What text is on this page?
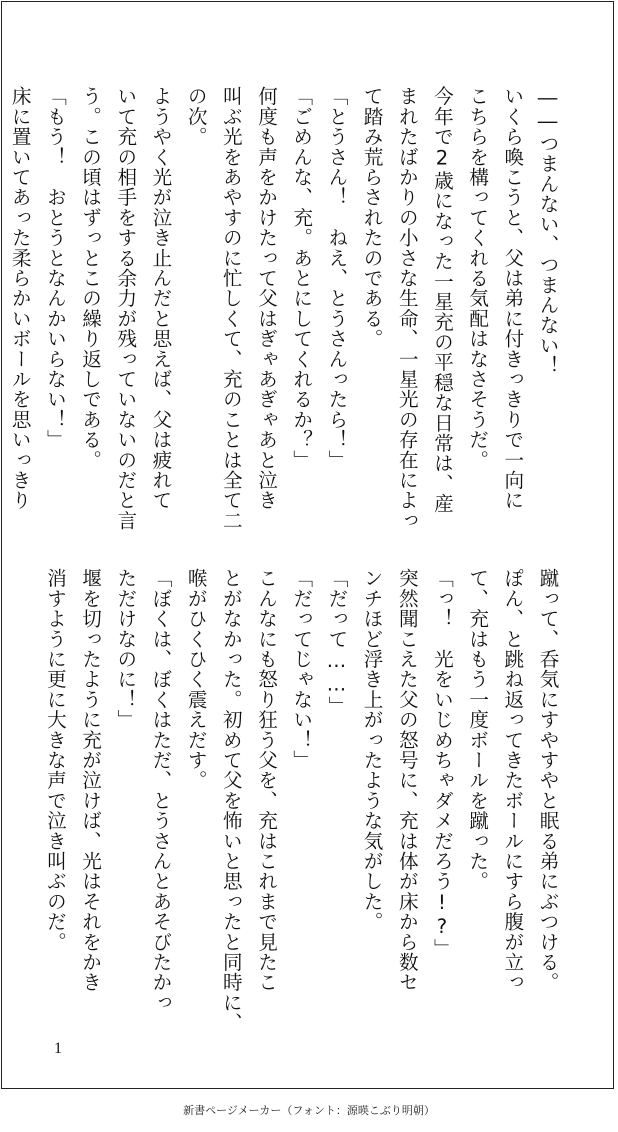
――つまんない、つまんない！
いくら喚こうと、父は弟に付きっきりで一向に
こちらを構ってくれる気配はなさそうだ。
今年で2歳になった一星充の平穏な日常は、産
まれたばかりの小さな生命、一星光の存在によっ
て踏み荒らされたのである。
「とうさん！　ねえ、とうさんったら！」
「ごめんな、充。あとにしてくれるか？」
何度も声をかけたって父はぎゃあぎゃあと泣き
叫ぶ光をあやすのに忙しくて、充のことは全て二
の次。
ようやく光が泣き止んだと思えば、父は疲れて
いて充の相手をする余力が残っていないのだと言
う。この頃はずっとこの繰り返しである。
「もう！　おとうとなんかいらない！」
床に置いてあった柔らかいボールを思いっきり
蹴って、呑気にすやすやと眠る弟にぶつける。
ぽん、と跳ね返ってきたボールにすら腹が立っ
て、充はもう一度ボールを蹴った。
「っ！　光をいじめちゃダメだろう!?」
突然聞こえた父の怒号に、充は体が床から数セ
ンチほど浮き上がったような気がした。
「だって……」
「だってじゃない！」
こんなにも怒り狂う父を、充はこれまで見たこ
とがなかった。初めて父を怖いと思ったと同時に、
喉がひくひく震えだす。
「ぼくは、ぼくはただ、とうさんとあそびたかっ
ただけなのに！」
堰を切ったように充が泣けば、光はそれをかき
消すように更に大きな声で泣き叫ぶのだ。
1
新書ページメーカー（フォント：源暎こぶり明朝）
